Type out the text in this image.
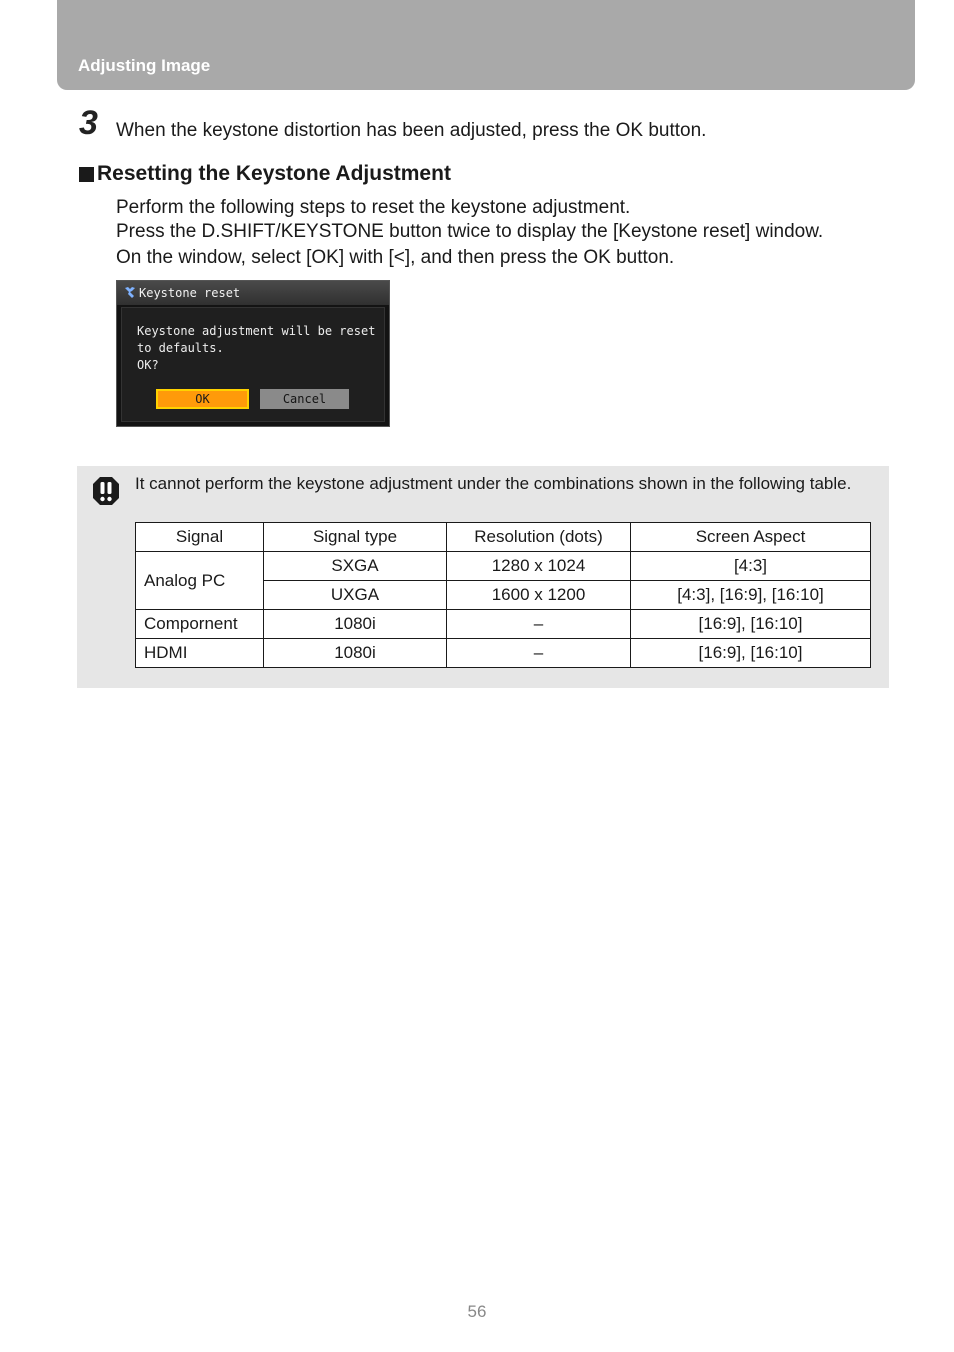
Adjusting Image
3 When the keystone distortion has been adjusted, press the OK button.
Resetting the Keystone Adjustment
Perform the following steps to reset the keystone adjustment.
Press the D.SHIFT/KEYSTONE button twice to display the [Keystone reset] window.
On the window, select [OK] with [<], and then press the OK button.
Keystone reset
Keystone adjustment will be reset
to defaults.
OK?
OK	Cancel
It cannot perform the keystone adjustment under the combinations shown in the following table.
Signal	Signal type	Resolution (dots)	Screen Aspect
Analog PC	SXGA	1280 x 1024	[4:3]
	UXGA	1600 x 1200	[4:3], [16:9], [16:10]
Compornent	1080i	–	[16:9], [16:10]
HDMI	1080i	–	[16:9], [16:10]
56
